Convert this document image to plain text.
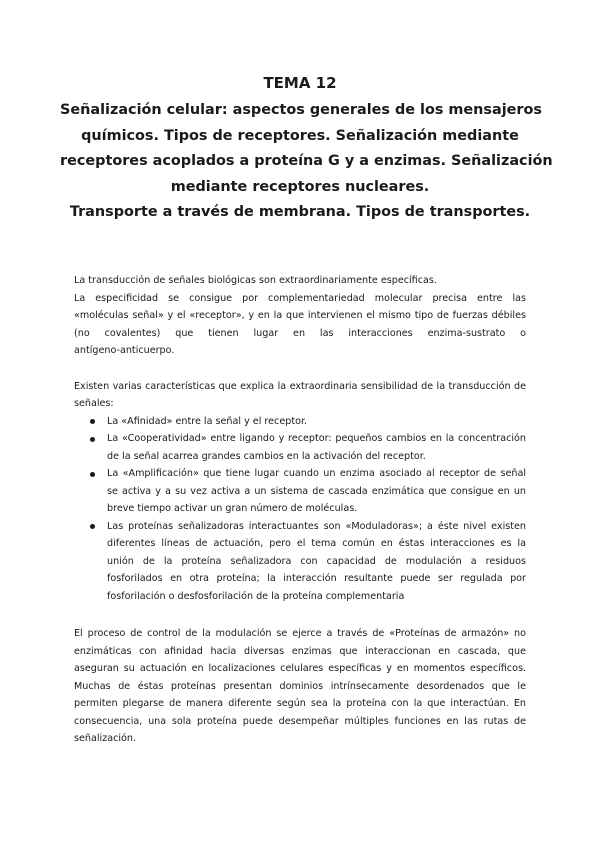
TEMA 12
Señalización celular: aspectos generales de los mensajeros
químicos. Tipos de receptores. Señalización mediante
receptores acoplados a proteína G y a enzimas. Señalización
mediante receptores nucleares.
Transporte a través de membrana. Tipos de transportes.

La transducción de señales biológicas son extraordinariamente específicas.
La especificidad se consigue por complementariedad molecular precisa entre las
«moléculas señal» y el «receptor», y en la que intervienen el mismo tipo de fuerzas débiles
(no covalentes) que tienen lugar en las interacciones enzima-sustrato o
antígeno-anticuerpo.

Existen varias características que explica la extraordinaria sensibilidad de la transducción de
señales:

La «Afinidad» entre la señal y el receptor.
La «Cooperatividad» entre ligando y receptor: pequeños cambios en la concentración
de la señal acarrea grandes cambios en la activación del receptor.
La «Amplificación» que tiene lugar cuando un enzima asociado al receptor de señal
se activa y a su vez activa a un sistema de cascada enzimática que consigue en un
breve tiempo activar un gran número de moléculas.
Las proteínas señalizadoras interactuantes son «Moduladoras»; a éste nivel existen
diferentes líneas de actuación, pero el tema común en éstas interacciones es la
unión de la proteína señalizadora con capacidad de modulación a residuos
fosforilados en otra proteína; la interacción resultante puede ser regulada por
fosforilación o desfosforilación de la proteína complementaria

El proceso de control de la modulación se ejerce a través de «Proteínas de armazón» no
enzimáticas con afinidad hacia diversas enzimas que interaccionan en cascada, que
aseguran su actuación en localizaciones celulares específicas y en momentos específicos.
Muchas de éstas proteínas presentan dominios intrínsecamente desordenados que le
permiten plegarse de manera diferente según sea la proteína con la que interactúan. En
consecuencia, una sola proteína puede desempeñar múltiples funciones en las rutas de
señalización.
